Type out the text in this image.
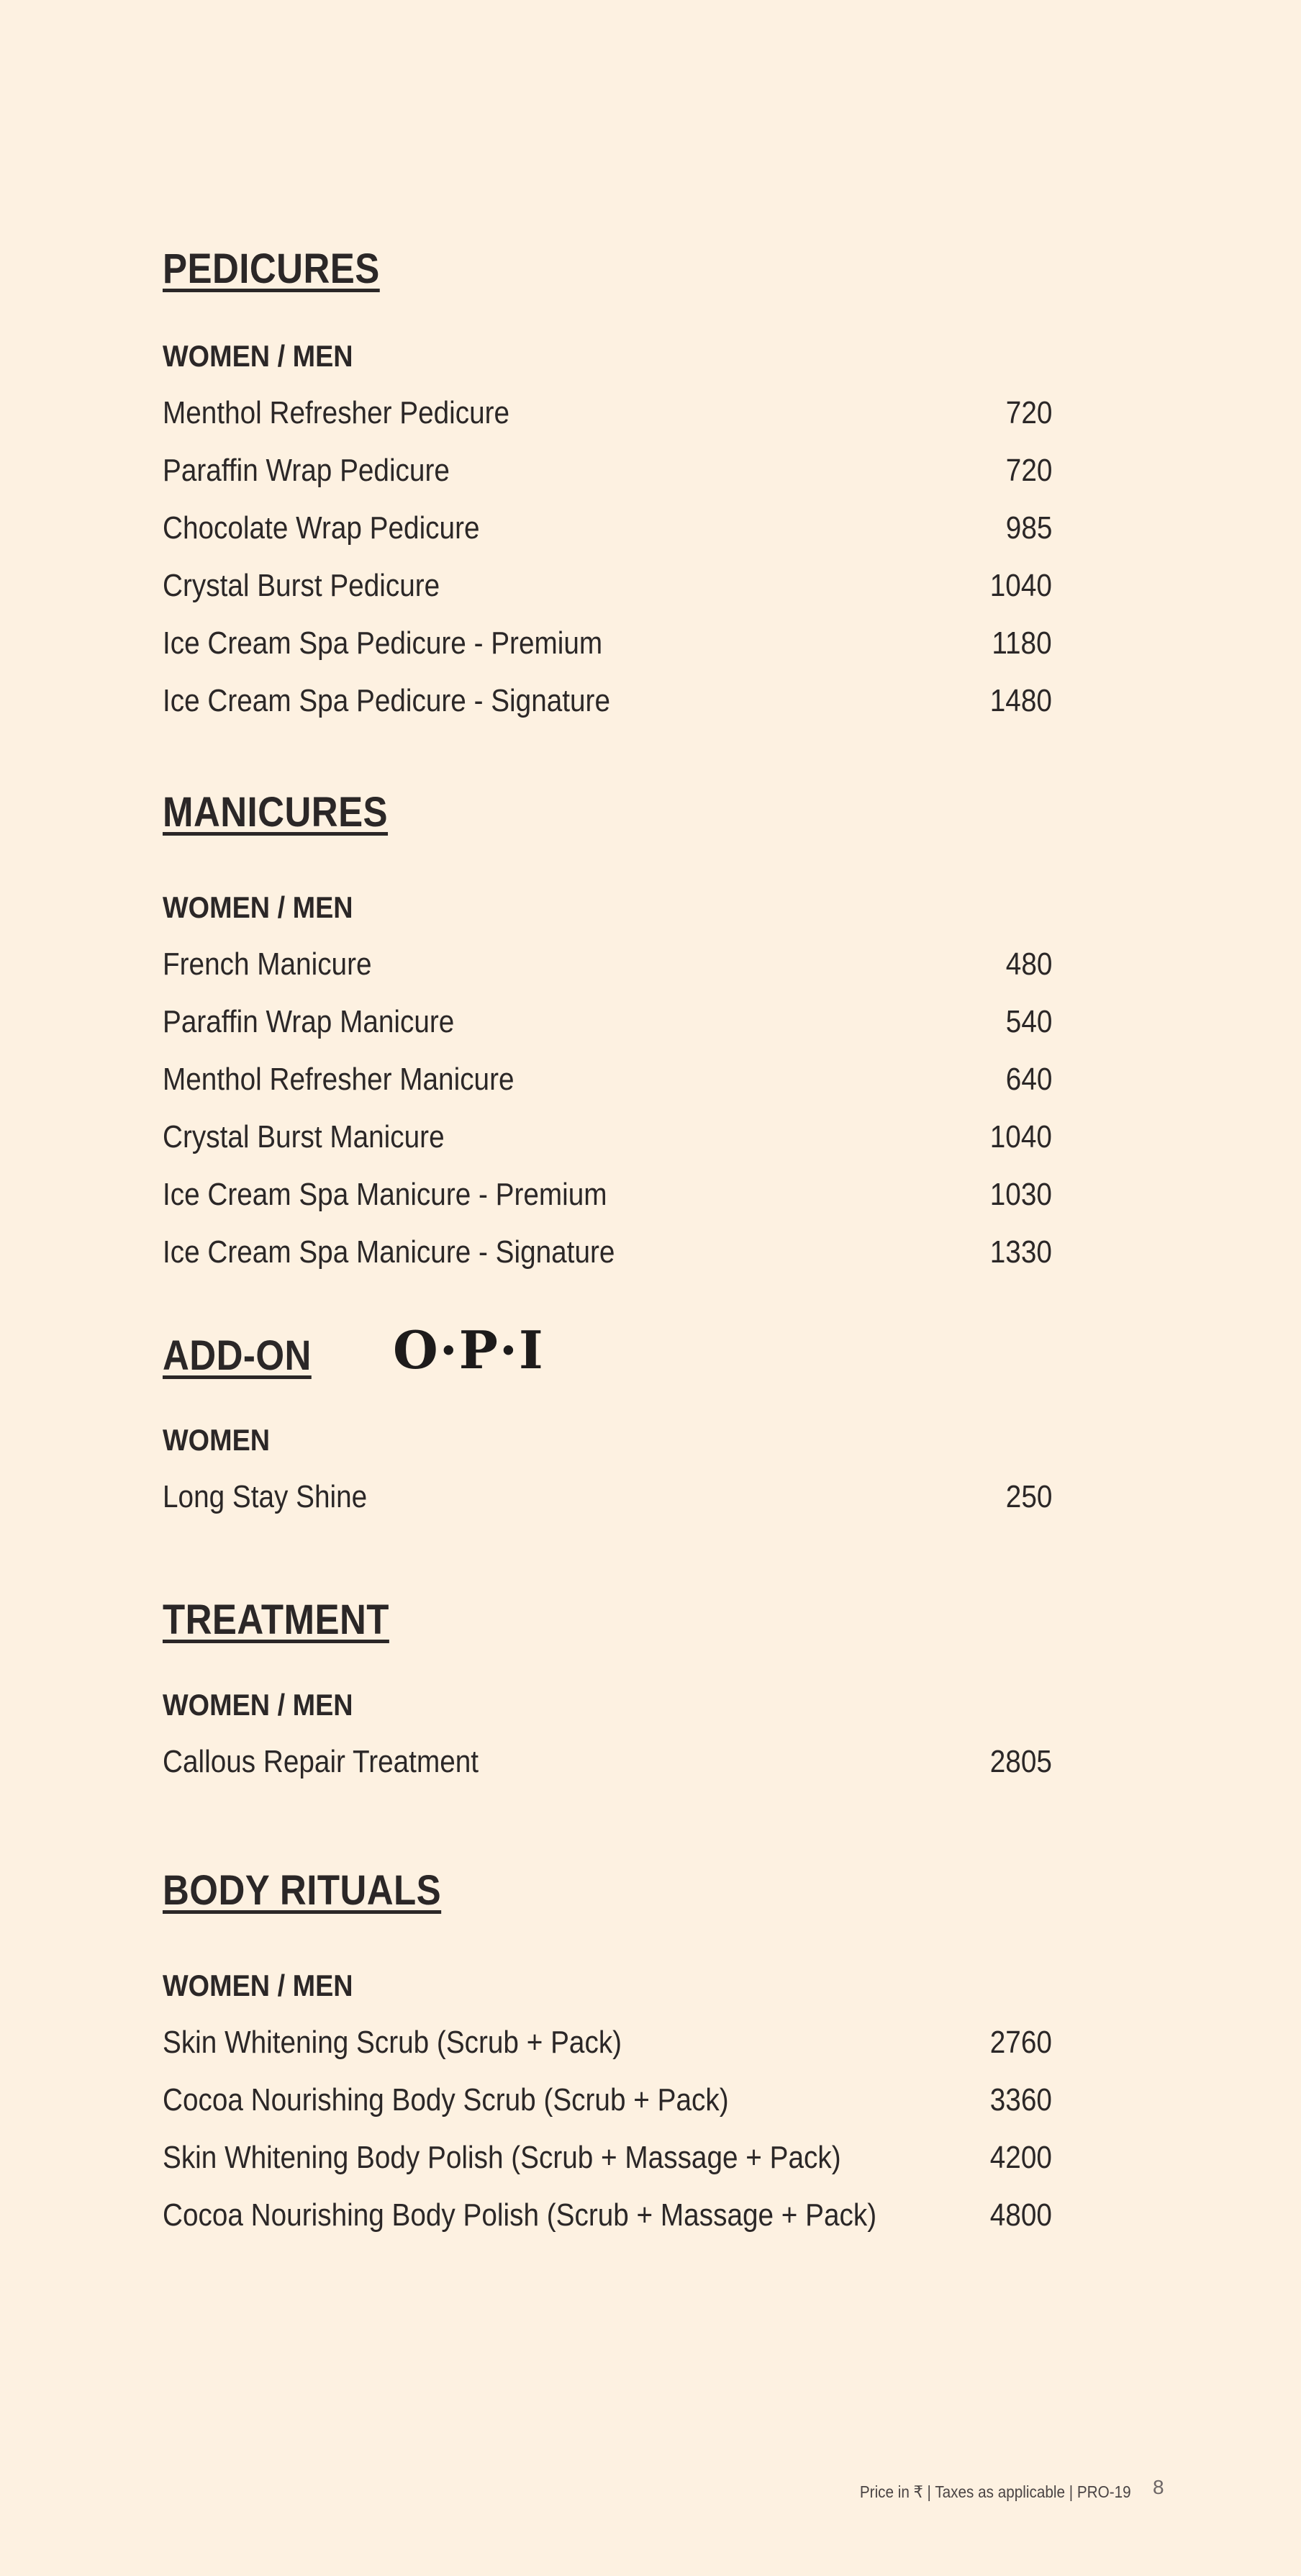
PEDICURES
WOMEN / MEN
Menthol Refresher Pedicure	720
Paraffin Wrap Pedicure	720
Chocolate Wrap Pedicure	985
Crystal Burst Pedicure	1040
Ice Cream Spa Pedicure - Premium	1180
Ice Cream Spa Pedicure - Signature	1480
MANICURES
WOMEN / MEN
French Manicure	480
Paraffin Wrap Manicure	540
Menthol Refresher Manicure	640
Crystal Burst Manicure	1040
Ice Cream Spa Manicure - Premium	1030
Ice Cream Spa Manicure - Signature	1330
ADD-ON O·P·I
WOMEN
Long Stay Shine	250
TREATMENT
WOMEN / MEN
Callous Repair Treatment	2805
BODY RITUALS
WOMEN / MEN
Skin Whitening Scrub (Scrub + Pack)	2760
Cocoa Nourishing Body Scrub (Scrub + Pack)	3360
Skin Whitening Body Polish (Scrub + Massage + Pack)	4200
Cocoa Nourishing Body Polish (Scrub + Massage + Pack)	4800
Price in ₹ | Taxes as applicable | PRO-19 8
